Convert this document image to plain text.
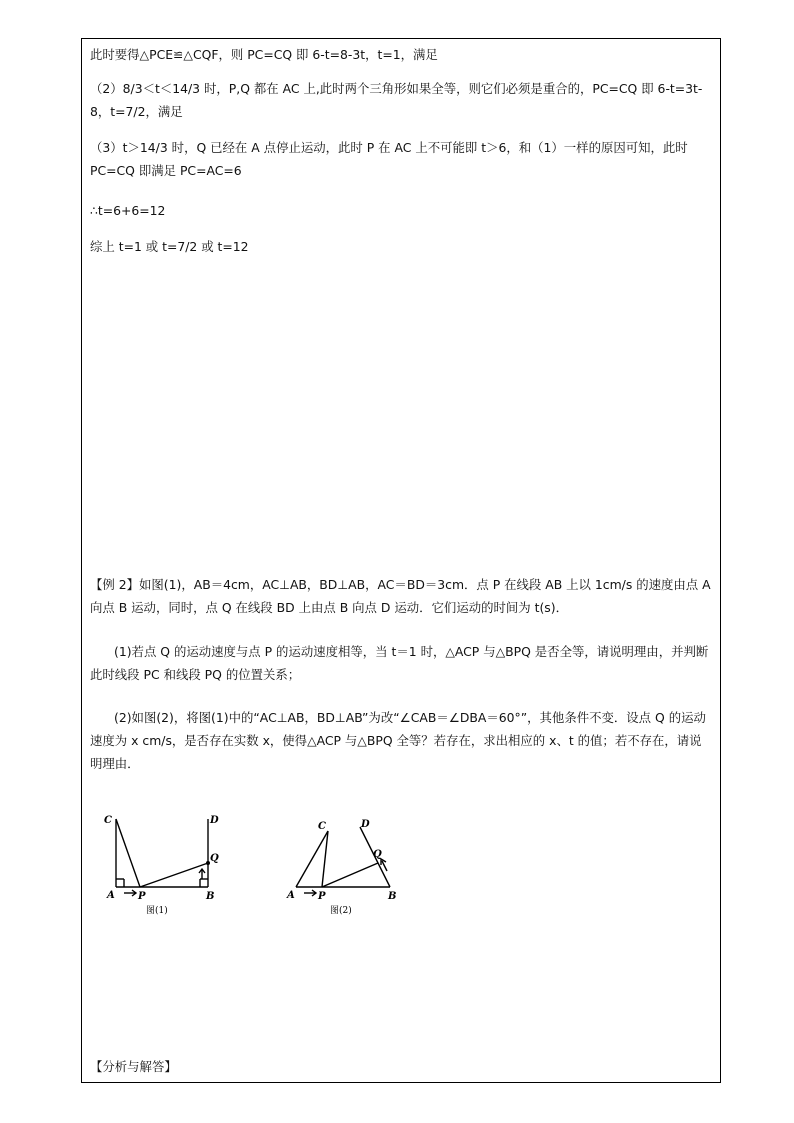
此时要得△PCE≌△CQF，则 PC=CQ 即 6-t=8-3t，t=1，满足
（2）8/3＜t＜14/3 时，P,Q 都在 AC 上,此时两个三角形如果全等，则它们必须是重合的，PC=CQ 即 6-t=3t-8，t=7/2，满足
（3）t＞14/3 时，Q 已经在 A 点停止运动，此时 P 在 AC 上不可能即 t＞6，和（1）一样的原因可知，此时 PC=CQ 即满足 PC=AC=6
∴t=6+6=12
综上 t=1 或 t=7/2 或 t=12
【例 2】如图(1)，AB＝4cm，AC⊥AB，BD⊥AB，AC＝BD＝3cm．点 P 在线段 AB 上以 1cm/s 的速度由点 A 向点 B 运动，同时，点 Q 在线段 BD 上由点 B 向点 D 运动．它们运动的时间为 t(s)．
(1)若点 Q 的运动速度与点 P 的运动速度相等，当 t＝1 时，△ACP 与△BPQ 是否全等，请说明理由，并判断此时线段 PC 和线段 PQ 的位置关系；
(2)如图(2)，将图(1)中的“AC⊥AB，BD⊥AB”为改“∠CAB＝∠DBA＝60°”，其他条件不变．设点 Q 的运动速度为 x cm/s，是否存在实数 x，使得△ACP 与△BPQ 全等？若存在，求出相应的 x、t 的值；若不存在，请说明理由．
C	D
Q
A P	B
图(1)
C	D
Q
A P	B
图(2)
【分析与解答】
